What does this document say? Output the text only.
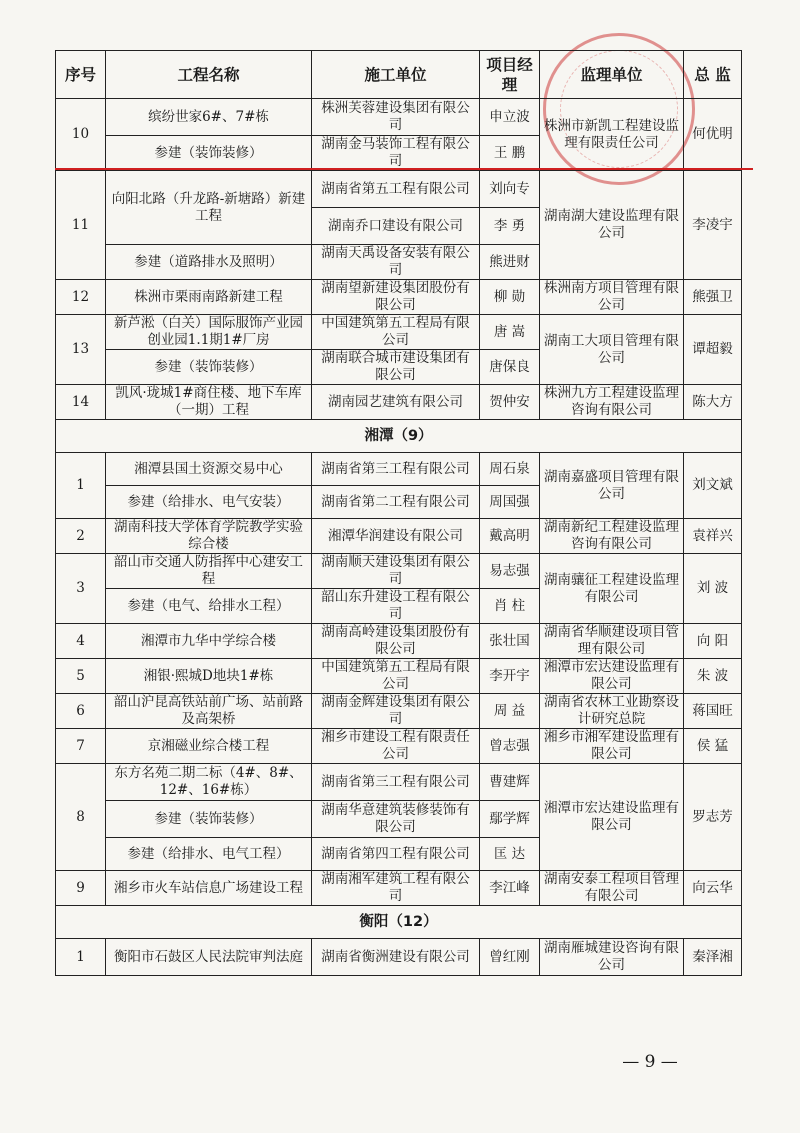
序号	工程名称	施工单位	项目经理	监理单位	总 监
10	缤纷世家6#、7#栋	株洲芙蓉建设集团有限公司	申立波	株洲市新凯工程建设监理有限责任公司	何优明
	参建（装饰装修）	湖南金马装饰工程有限公司	王 鹏		
11	向阳北路（升龙路-新塘路）新建工程	湖南省第五工程有限公司	刘向专	湖南湖大建设监理有限公司	李凌宇
		湖南乔口建设有限公司	李 勇		
	参建（道路排水及照明）	湖南天禹设备安装有限公司	熊进财		
12	株洲市栗雨南路新建工程	湖南望新建设集团股份有限公司	柳 勋	株洲南方项目管理有限公司	熊强卫
13	新芦淞（白关）国际服饰产业园创业园1.1期1#厂房	中国建筑第五工程局有限公司	唐 嵩	湖南工大项目管理有限公司	谭超毅
	参建（装饰装修）	湖南联合城市建设集团有限公司	唐保良		
14	凯风·珑城1#商住楼、地下车库（一期）工程	湖南园艺建筑有限公司	贺仲安	株洲九方工程建设监理咨询有限公司	陈大方
湘潭（9）					
1	湘潭县国土资源交易中心	湖南省第三工程有限公司	周石泉	湖南嘉盛项目管理有限公司	刘文斌
	参建（给排水、电气安装）	湖南省第二工程有限公司	周国强		
2	湖南科技大学体育学院教学实验综合楼	湘潭华润建设有限公司	戴高明	湖南新纪工程建设监理咨询有限公司	袁祥兴
3	韶山市交通人防指挥中心建安工程	湖南顺天建设集团有限公司	易志强	湖南骧征工程建设监理有限公司	刘 波
	参建（电气、给排水工程）	韶山东升建设工程有限公司	肖 柱		
4	湘潭市九华中学综合楼	湖南高岭建设集团股份有限公司	张壮国	湖南省华顺建设项目管理有限公司	向 阳
5	湘银·熙城D地块1#栋	中国建筑第五工程局有限公司	李开宇	湘潭市宏达建设监理有限公司	朱 波
6	韶山沪昆高铁站前广场、站前路及高架桥	湖南金辉建设集团有限公司	周 益	湖南省农林工业勘察设计研究总院	蒋国旺
7	京湘磁业综合楼工程	湘乡市建设工程有限责任公司	曾志强	湘乡市湘军建设监理有限公司	侯 猛
8	东方名苑二期二标（4#、8#、12#、16#栋）	湖南省第三工程有限公司	曹建辉	湘潭市宏达建设监理有限公司	罗志芳
	参建（装饰装修）	湖南华意建筑装修装饰有限公司	鄢学辉		
	参建（给排水、电气工程）	湖南省第四工程有限公司	匡 达		
9	湘乡市火车站信息广场建设工程	湖南湘军建筑工程有限公司	李江峰	湖南安泰工程项目管理有限公司	向云华
衡阳（12）					
1	衡阳市石鼓区人民法院审判法庭	湖南省衡洲建设有限公司	曾红刚	湖南雁城建设咨询有限公司	秦泽湘
— 9 —
